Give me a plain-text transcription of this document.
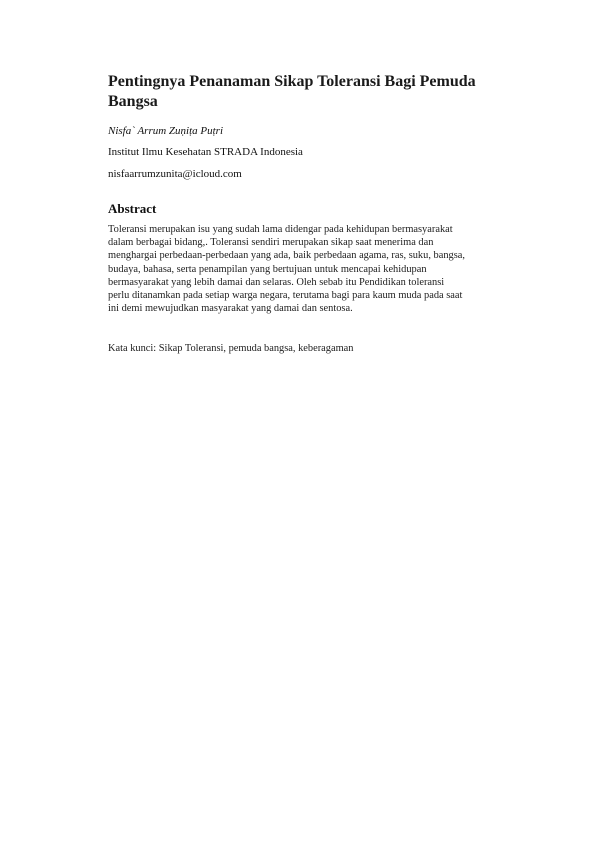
Pentingnya Penanaman Sikap Toleransi Bagi Pemuda Bangsa

Nisfa` Arrum Zuṇiṭa Puṭri

Institut Ilmu Kesehatan STRADA Indonesia

nisfaarrumzunita@icloud.com

Abstract

Toleransi merupakan isu yang sudah lama didengar pada kehidupan bermasyarakat
dalam berbagai bidang,. Toleransi sendiri merupakan sikap saat menerima dan
menghargai perbedaan-perbedaan yang ada, baik perbedaan agama, ras, suku, bangsa,
budaya, bahasa, serta penampilan yang bertujuan untuk mencapai kehidupan
bermasyarakat yang lebih damai dan selaras. Oleh sebab itu Pendidikan toleransi
perlu ditanamkan pada setiap warga negara, terutama bagi para kaum muda pada saat
ini demi mewujudkan masyarakat yang damai dan sentosa.

Kata kunci: Sikap Toleransi, pemuda bangsa, keberagaman
